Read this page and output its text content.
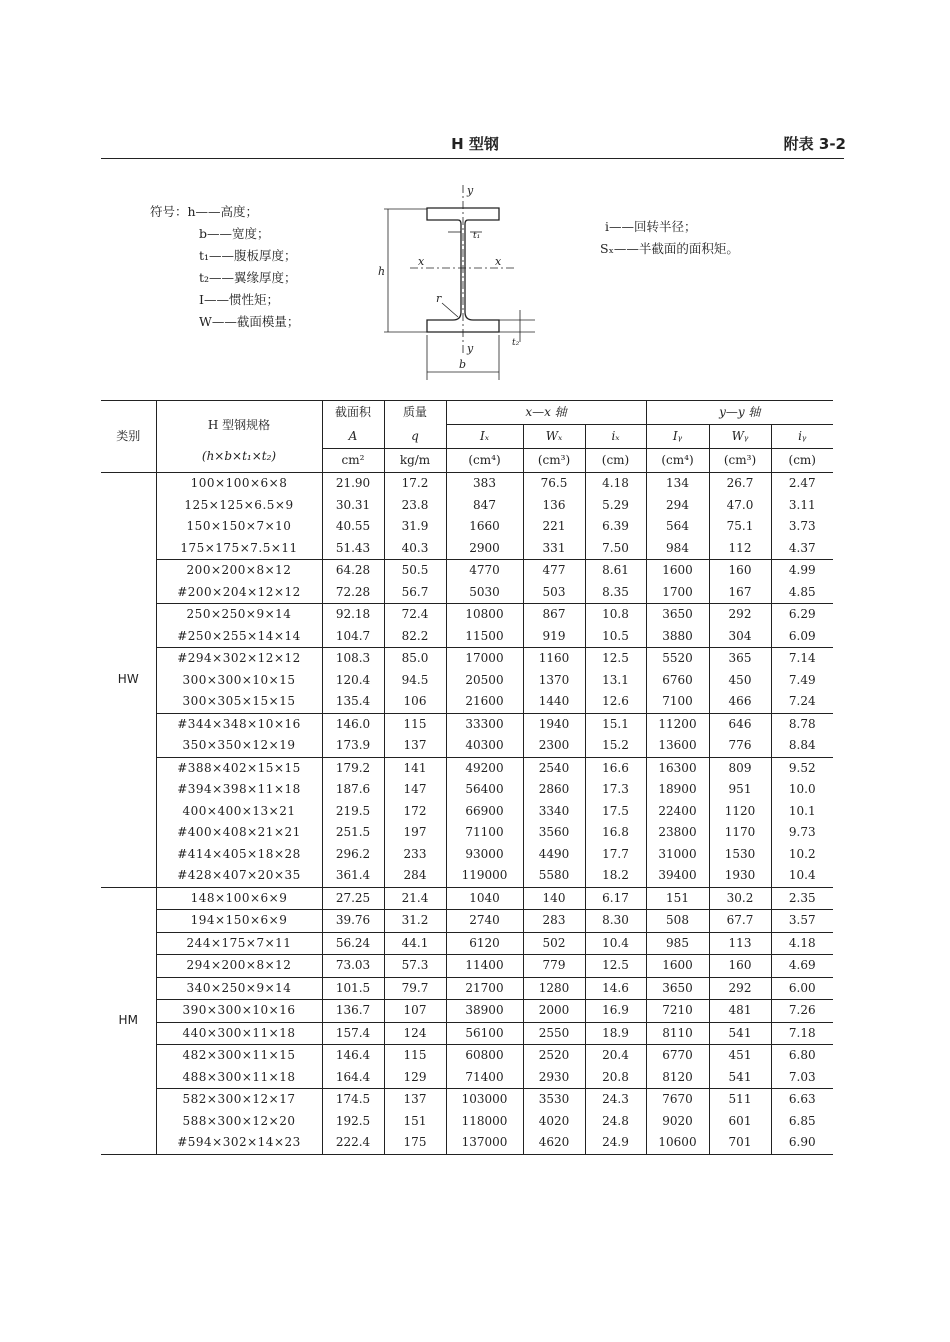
H 型钢	附表 3-2
符号：h——高度；
b——宽度；
t₁——腹板厚度；
t₂——翼缘厚度；
I——惯性矩；
W——截面模量；
i——回转半径；
Sₓ——半截面的面积矩。
y
y
x	x
h
b
t₁
t₂
r
类别	H 型钢规格	截面积	质量	x—x 轴			y—y 轴		
		A	q	Iₓ	Wₓ	iₓ	Iᵧ	Wᵧ	iᵧ
	(h×b×t₁×t₂)	cm²	kg/m	(cm⁴)	(cm³)	(cm)	(cm⁴)	(cm³)	(cm)
HW	100×100×6×8	21.90	17.2	383	76.5	4.18	134	26.7	2.47
	125×125×6.5×9	30.31	23.8	847	136	5.29	294	47.0	3.11
	150×150×7×10	40.55	31.9	1660	221	6.39	564	75.1	3.73
	175×175×7.5×11	51.43	40.3	2900	331	7.50	984	112	4.37
	200×200×8×12	64.28	50.5	4770	477	8.61	1600	160	4.99
	#200×204×12×12	72.28	56.7	5030	503	8.35	1700	167	4.85
	250×250×9×14	92.18	72.4	10800	867	10.8	3650	292	6.29
	#250×255×14×14	104.7	82.2	11500	919	10.5	3880	304	6.09
	#294×302×12×12	108.3	85.0	17000	1160	12.5	5520	365	7.14
	300×300×10×15	120.4	94.5	20500	1370	13.1	6760	450	7.49
	300×305×15×15	135.4	106	21600	1440	12.6	7100	466	7.24
	#344×348×10×16	146.0	115	33300	1940	15.1	11200	646	8.78
	350×350×12×19	173.9	137	40300	2300	15.2	13600	776	8.84
	#388×402×15×15	179.2	141	49200	2540	16.6	16300	809	9.52
	#394×398×11×18	187.6	147	56400	2860	17.3	18900	951	10.0
	400×400×13×21	219.5	172	66900	3340	17.5	22400	1120	10.1
	#400×408×21×21	251.5	197	71100	3560	16.8	23800	1170	9.73
	#414×405×18×28	296.2	233	93000	4490	17.7	31000	1530	10.2
	#428×407×20×35	361.4	284	119000	5580	18.2	39400	1930	10.4
HM	148×100×6×9	27.25	21.4	1040	140	6.17	151	30.2	2.35
	194×150×6×9	39.76	31.2	2740	283	8.30	508	67.7	3.57
	244×175×7×11	56.24	44.1	6120	502	10.4	985	113	4.18
	294×200×8×12	73.03	57.3	11400	779	12.5	1600	160	4.69
	340×250×9×14	101.5	79.7	21700	1280	14.6	3650	292	6.00
	390×300×10×16	136.7	107	38900	2000	16.9	7210	481	7.26
	440×300×11×18	157.4	124	56100	2550	18.9	8110	541	7.18
	482×300×11×15	146.4	115	60800	2520	20.4	6770	451	6.80
	488×300×11×18	164.4	129	71400	2930	20.8	8120	541	7.03
	582×300×12×17	174.5	137	103000	3530	24.3	7670	511	6.63
	588×300×12×20	192.5	151	118000	4020	24.8	9020	601	6.85
	#594×302×14×23	222.4	175	137000	4620	24.9	10600	701	6.90
